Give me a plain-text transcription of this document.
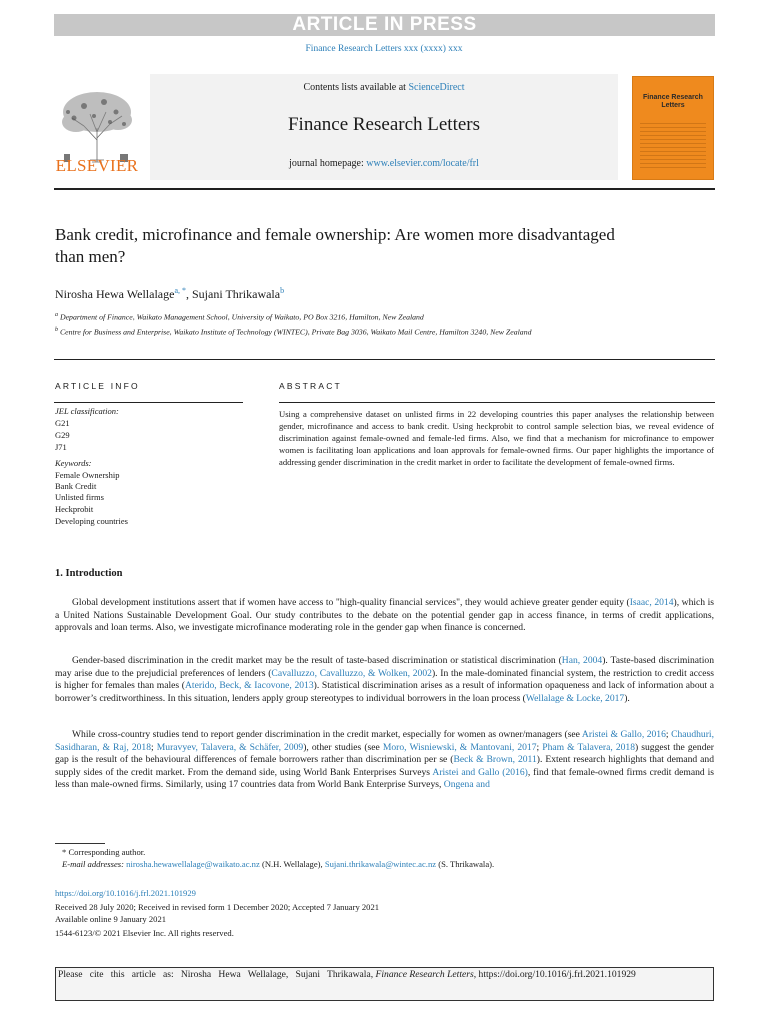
ARTICLE IN PRESS
Finance Research Letters xxx (xxxx) xxx
ELSEVIER
Contents lists available at ScienceDirect
Finance Research Letters
journal homepage: www.elsevier.com/locate/frl
Finance Research Letters
Bank credit, microfinance and female ownership: Are women more disadvantaged than men?
Nirosha Hewa Wellalage$^{a, *}$, Sujani Thrikawala$^b$
$^a$ Department of Finance, Waikato Management School, University of Waikato, PO Box 3216, Hamilton, New Zealand
$^b$ Centre for Business and Enterprise, Waikato Institute of Technology (WINTEC), Private Bag 3036, Waikato Mail Centre, Hamilton 3240, New Zealand
ARTICLE INFO
JEL classification:
G21
G29
J71
Keywords:
Female Ownership
Bank Credit
Unlisted firms
Heckprobit
Developing countries
ABSTRACT
Using a comprehensive dataset on unlisted firms in 22 developing countries this paper analyses the relationship between gender, microfinance and access to bank credit. Using heckprobit to control sample selection bias, we reveal evidence of discrimination against female-owned and female-led firms. Also, we find that a mechanism for microfinance to empower women is facilitating loan applications and loan approvals for female-owned firms. Our paper highlights the importance of addressing gender discrimination in the credit market in order to facilitate the development of female-owned firms.
1. Introduction
Global development institutions assert that if women have access to "high-quality financial services", they would achieve greater gender equity (Isaac, 2014), which is a United Nations Sustainable Development Goal. Our study contributes to the debate on the potential gender gap in access finance, in terms of credit applications, approvals and loan terms. Also, we investigate microfinance moderating role in the gender gap when finance is concerned.
Gender-based discrimination in the credit market may be the result of taste-based discrimination or statistical discrimination (Han, 2004). Taste-based discrimination may arise due to the prejudicial preferences of lenders (Cavalluzzo, Cavalluzzo, & Wolken, 2002). In the male-dominated financial system, the restriction to credit access is higher for females than males (Aterido, Beck, & Iacovone, 2013). Statistical discrimination arises as a result of information opaqueness and lack of information about a borrower’s creditworthiness. In this situation, lenders apply group stereotypes to individual borrowers in the loan process (Wellalage & Locke, 2017).
While cross-country studies tend to report gender discrimination in the credit market, especially for women as owner/managers (see Aristei & Gallo, 2016; Chaudhuri, Sasidharan, & Raj, 2018; Muravyev, Talavera, & Schäfer, 2009), other studies (see Moro, Wisniewski, & Mantovani, 2017; Pham & Talavera, 2018) suggest the gender gap is the result of the behavioural differences of female borrowers rather than discrimination per se (Beck & Brown, 2011). Extent research highlights that demand and supply sides of the credit market. From the demand side, using World Bank Enterprises Surveys Aristei and Gallo (2016), find that female-owned firms credit demand is less than male-owned firms. Similarly, using 17 countries data from World Bank Enterprise Surveys, Ongena and
* Corresponding author.
E-mail addresses: nirosha.hewawellalage@waikato.ac.nz (N.H. Wellalage), Sujani.thrikawala@wintec.ac.nz (S. Thrikawala).
https://doi.org/10.1016/j.frl.2021.101929
Received 28 July 2020; Received in revised form 1 December 2020; Accepted 7 January 2021
Available online 9 January 2021
1544-6123/© 2021 Elsevier Inc. All rights reserved.
Please   cite   this   article   as:   Nirosha   Hewa   Wellalage,   Sujani   Thrikawala, Finance Research Letters, https://doi.org/10.1016/j.frl.2021.101929
